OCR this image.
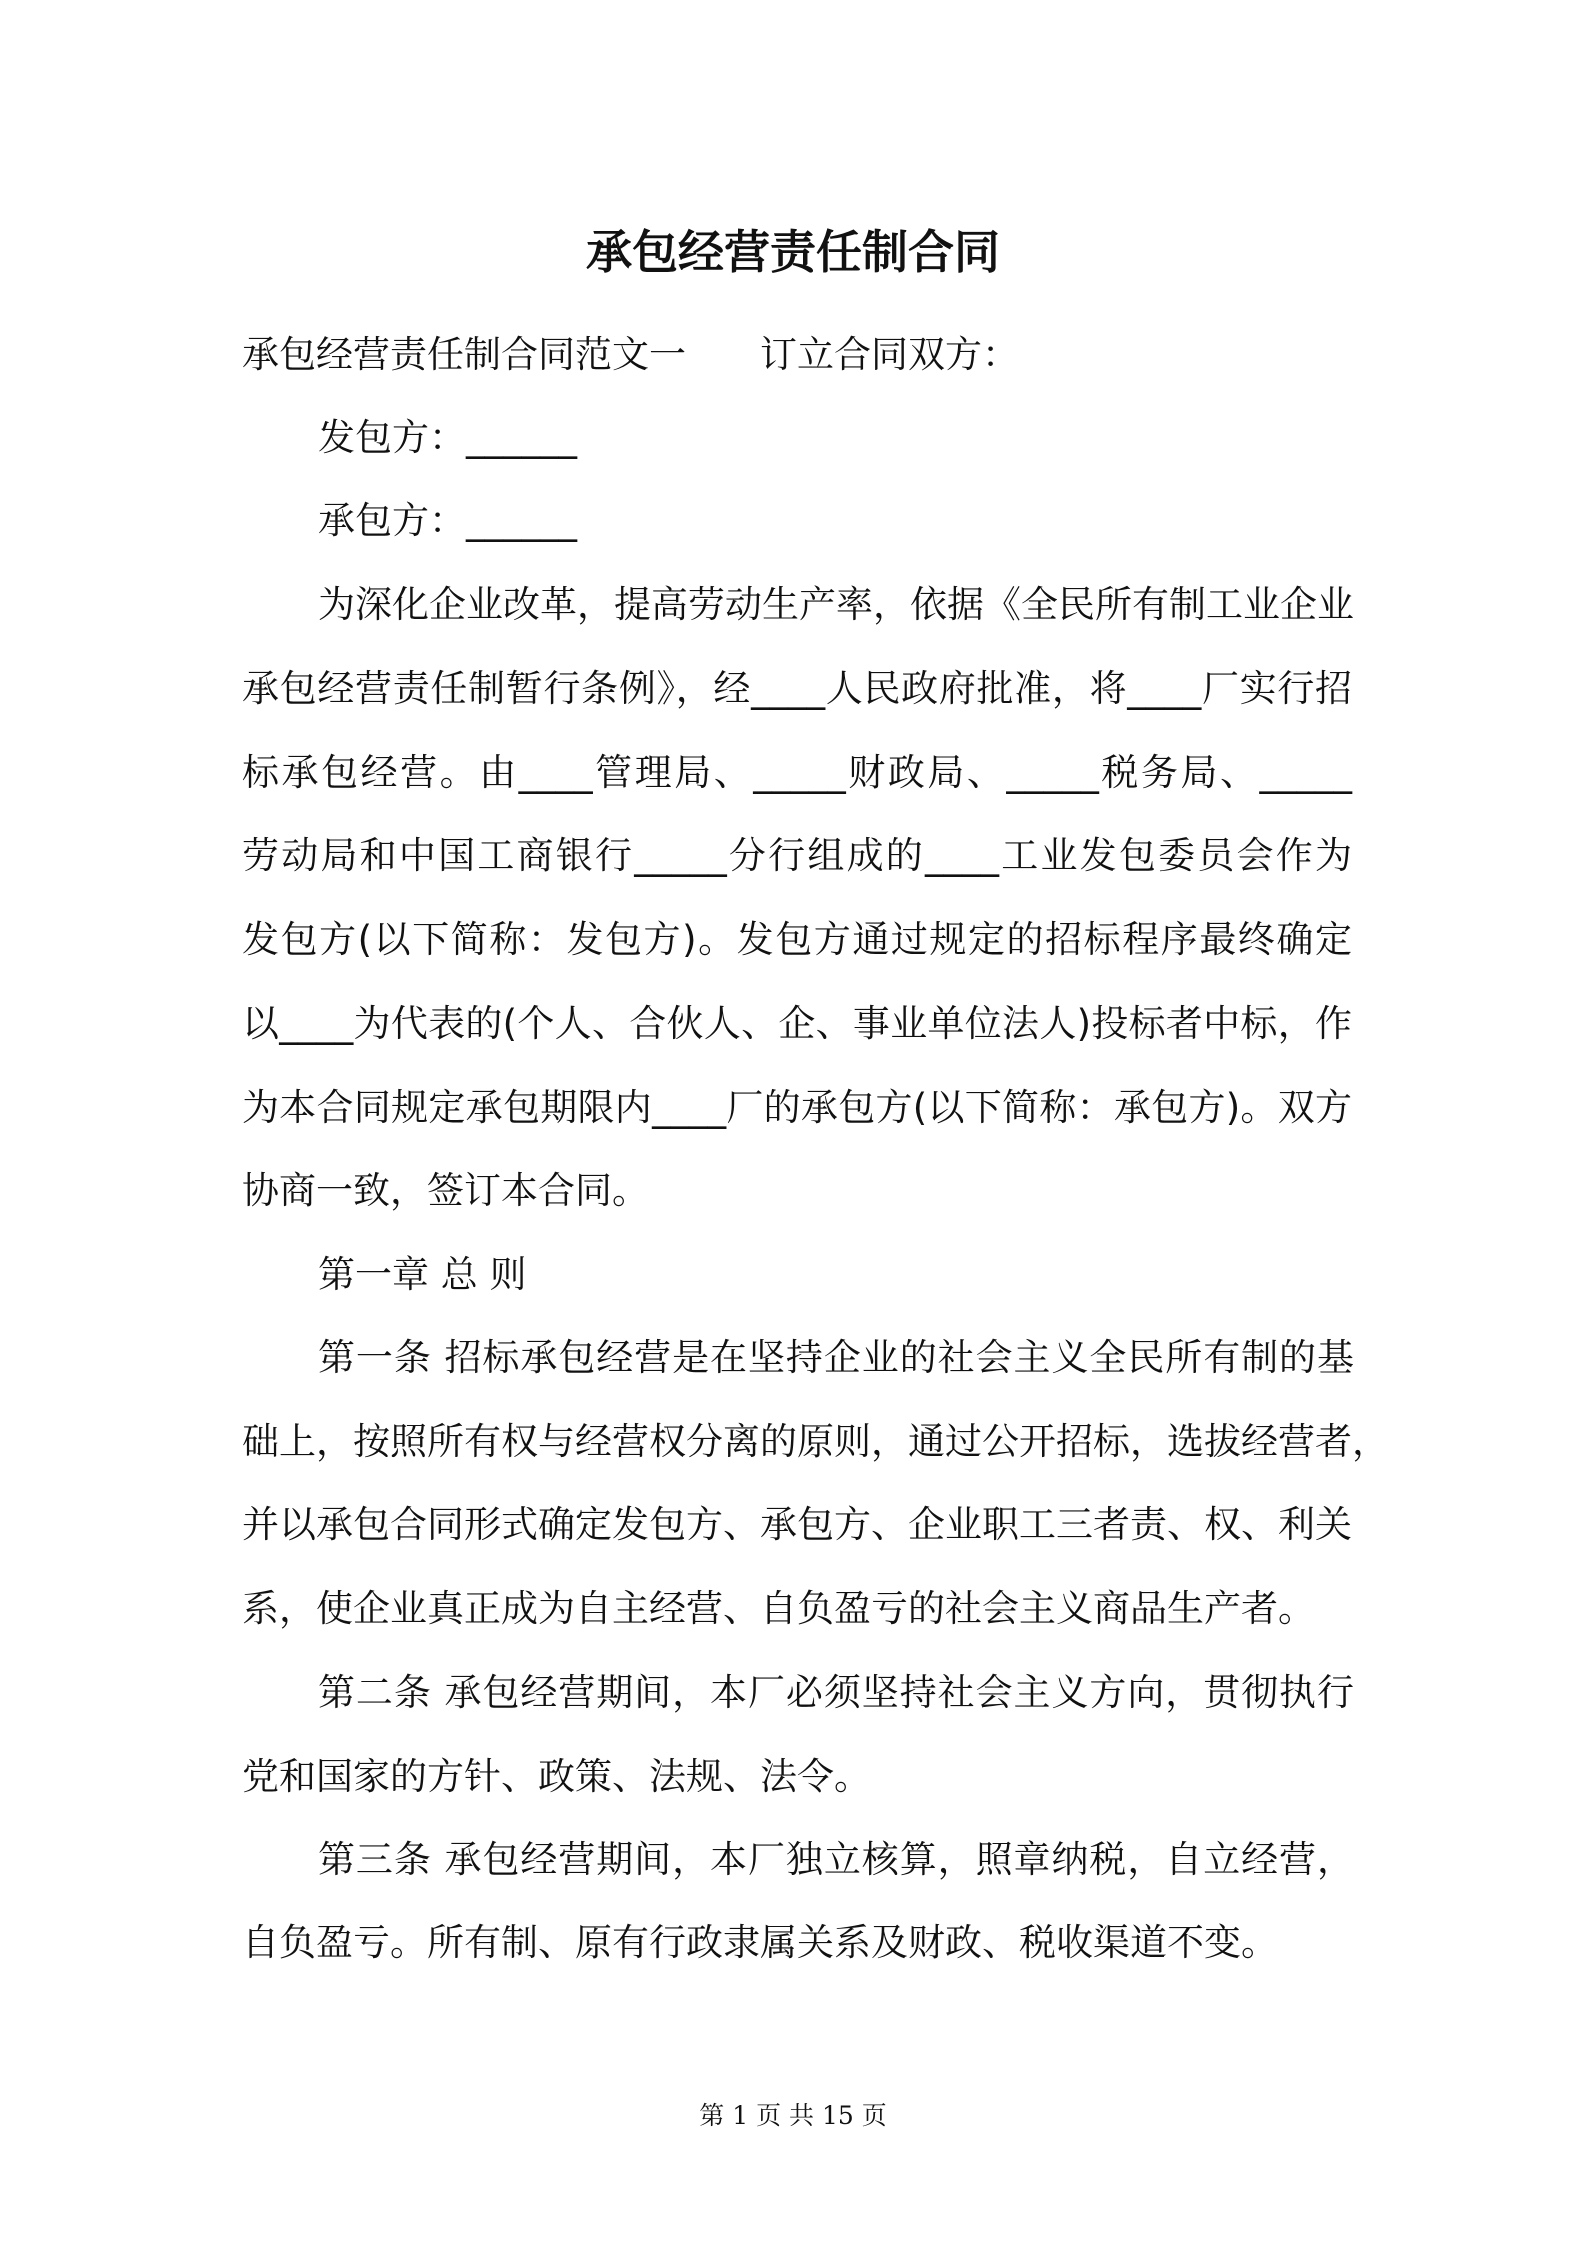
承包经营责任制合同
承包经营责任制合同范文一　　订立合同双方：
发包方：______
承包方：______
为深化企业改革，提高劳动生产率，依据《全民所有制工业企业
承包经营责任制暂行条例》，经____人民政府批准，将____厂实行招
标承包经营。由____管理局、_____财政局、_____税务局、_____
劳动局和中国工商银行_____分行组成的____工业发包委员会作为
发包方(以下简称：发包方)。发包方通过规定的招标程序最终确定
以____为代表的(个人、合伙人、企、事业单位法人)投标者中标，作
为本合同规定承包期限内____厂的承包方(以下简称：承包方)。双方
协商一致，签订本合同。
第一章 总 则
第一条 招标承包经营是在坚持企业的社会主义全民所有制的基
础上，按照所有权与经营权分离的原则，通过公开招标，选拔经营者，
并以承包合同形式确定发包方、承包方、企业职工三者责、权、利关
系，使企业真正成为自主经营、自负盈亏的社会主义商品生产者。
第二条 承包经营期间，本厂必须坚持社会主义方向，贯彻执行
党和国家的方针、政策、法规、法令。
第三条 承包经营期间，本厂独立核算，照章纳税，自立经营，
自负盈亏。所有制、原有行政隶属关系及财政、税收渠道不变。
第 1 页 共 15 页
